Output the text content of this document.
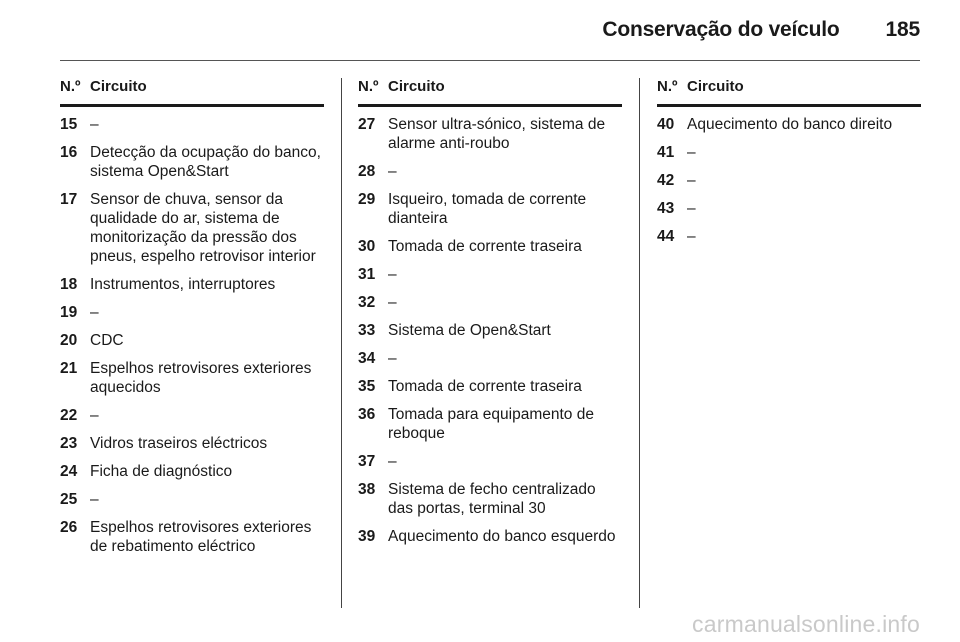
Conservação do veículo 185
N.º Circuito
15 –
16 Detecção da ocupação do banco, sistema Open&Start
17 Sensor de chuva, sensor da qualidade do ar, sistema de monitorização da pressão dos pneus, espelho retrovisor interior
18 Instrumentos, interruptores
19 –
20 CDC
21 Espelhos retrovisores exteriores aquecidos
22 –
23 Vidros traseiros eléctricos
24 Ficha de diagnóstico
25 –
26 Espelhos retrovisores exteriores de rebatimento eléctrico
N.º Circuito
27 Sensor ultra-sónico, sistema de alarme anti-roubo
28 –
29 Isqueiro, tomada de corrente dianteira
30 Tomada de corrente traseira
31 –
32 –
33 Sistema de Open&Start
34 –
35 Tomada de corrente traseira
36 Tomada para equipamento de reboque
37 –
38 Sistema de fecho centralizado das portas, terminal 30
39 Aquecimento do banco esquerdo
N.º Circuito
40 Aquecimento do banco direito
41 –
42 –
43 –
44 –
carmanualsonline.info
